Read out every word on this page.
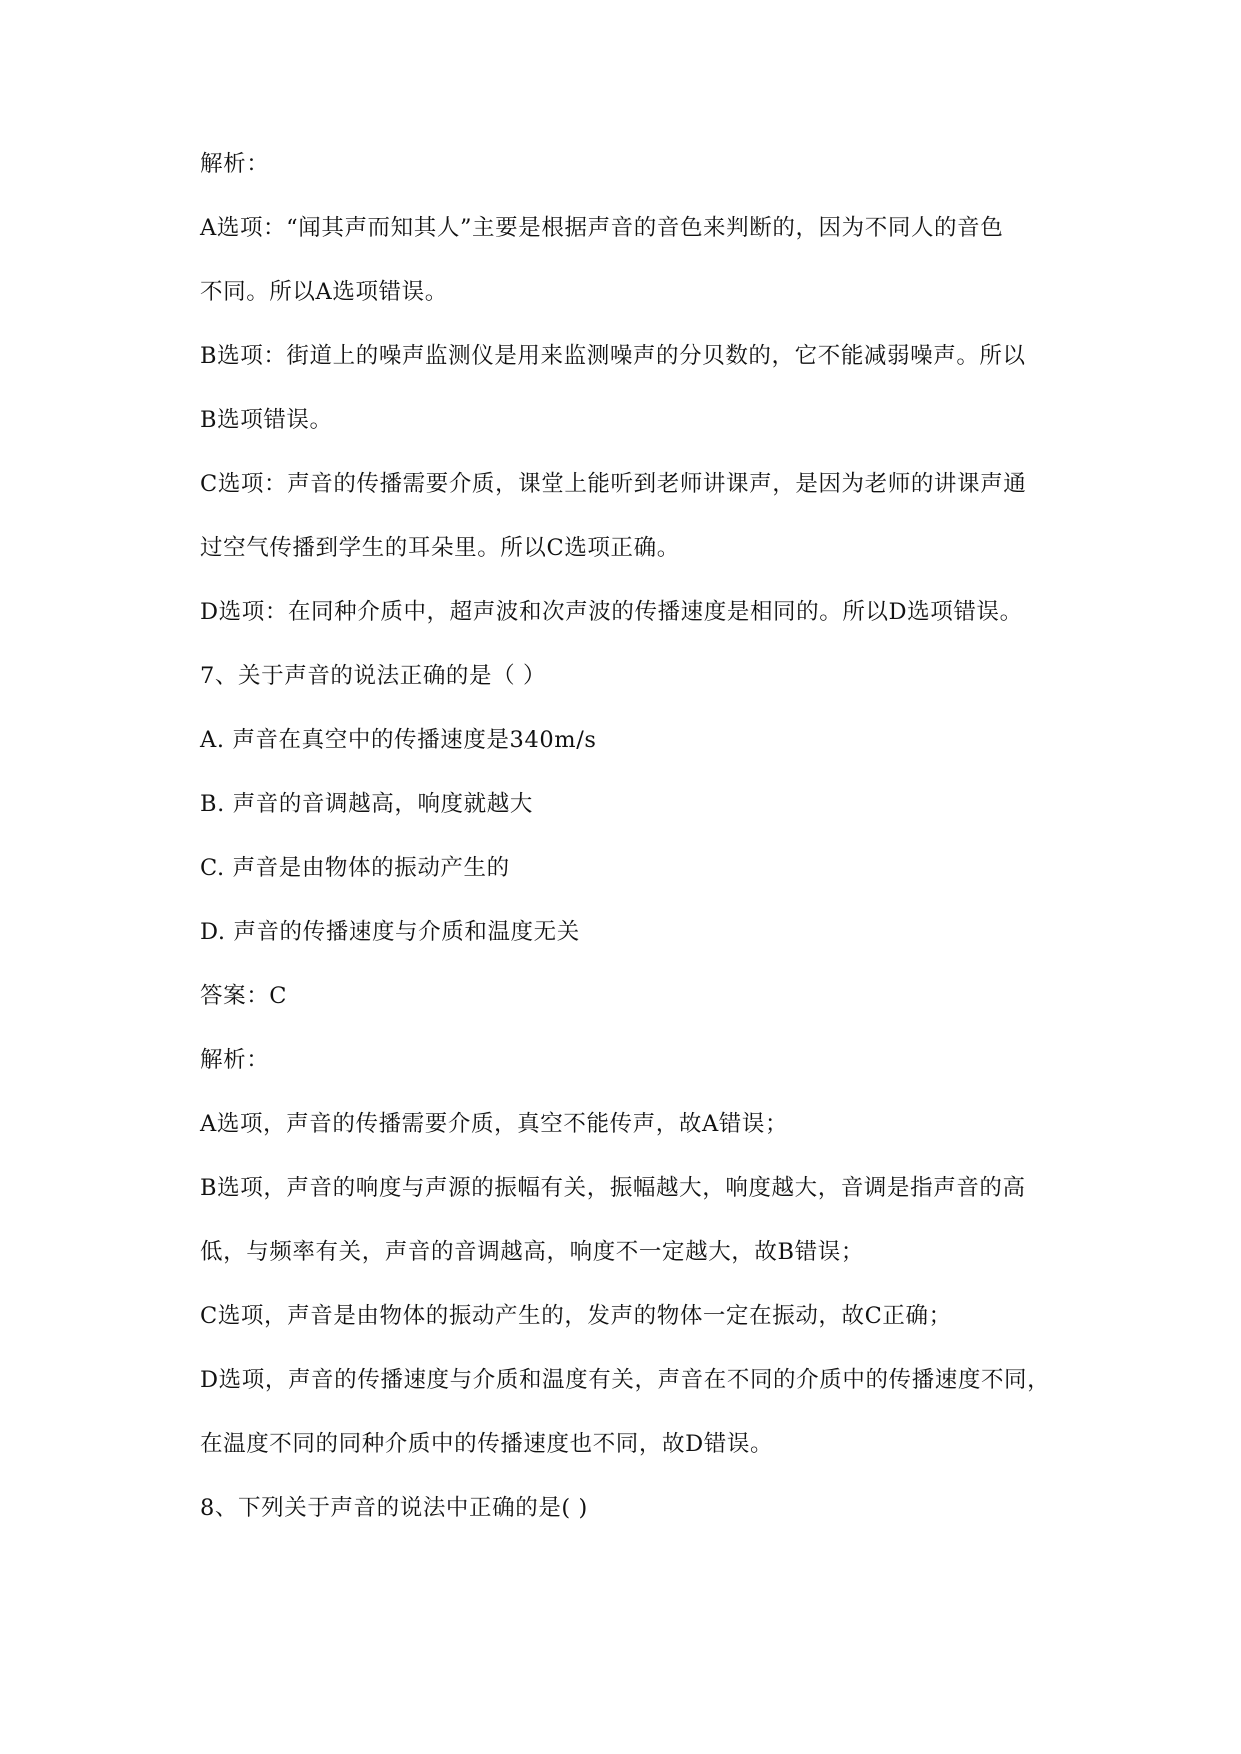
解析：

A选项：“闻其声而知其人”主要是根据声音的音色来判断的，因为不同人的音色

不同。所以A选项错误。

B选项：街道上的噪声监测仪是用来监测噪声的分贝数的，它不能减弱噪声。所以

B选项错误。

C选项：声音的传播需要介质，课堂上能听到老师讲课声，是因为老师的讲课声通

过空气传播到学生的耳朵里。所以C选项正确。

D选项：在同种介质中，超声波和次声波的传播速度是相同的。所以D选项错误。

7、关于声音的说法正确的是（ ）

A. 声音在真空中的传播速度是340m/s

B. 声音的音调越高，响度就越大

C. 声音是由物体的振动产生的

D. 声音的传播速度与介质和温度无关

答案：C

解析：

A选项，声音的传播需要介质，真空不能传声，故A错误；

B选项，声音的响度与声源的振幅有关，振幅越大，响度越大，音调是指声音的高

低，与频率有关，声音的音调越高，响度不一定越大，故B错误；

C选项，声音是由物体的振动产生的，发声的物体一定在振动，故C正确；

D选项，声音的传播速度与介质和温度有关，声音在不同的介质中的传播速度不同，

在温度不同的同种介质中的传播速度也不同，故D错误。

8、下列关于声音的说法中正确的是( )
